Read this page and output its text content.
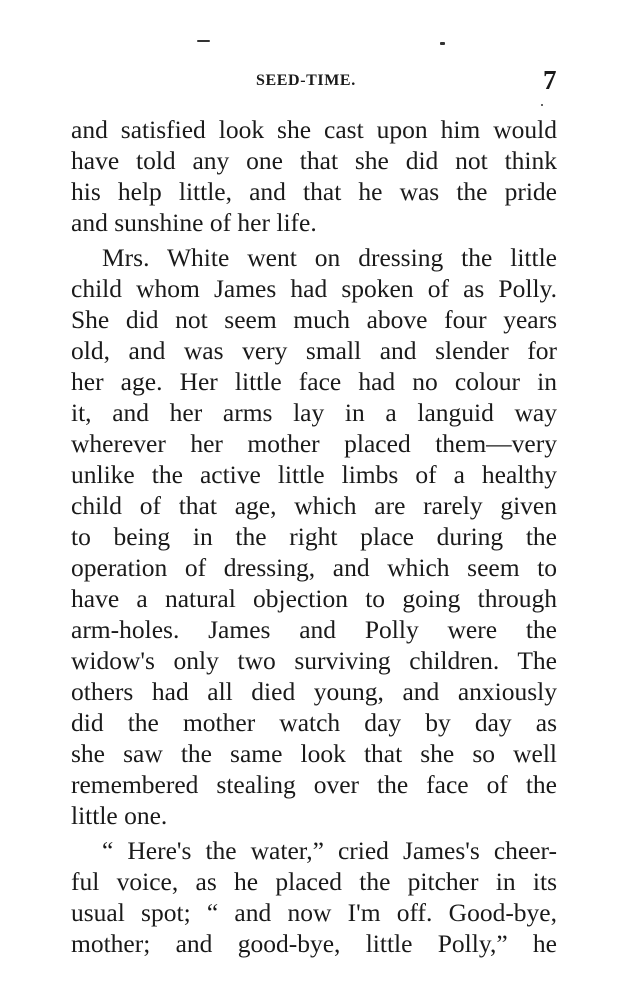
SEED-TIME.	7
and satisfied look she cast upon him would
have told any one that she did not think
his help little, and that he was the pride
and sunshine of her life.
Mrs. White went on dressing the little
child whom James had spoken of as Polly.
She did not seem much above four years
old, and was very small and slender for
her age. Her little face had no colour in
it, and her arms lay in a languid way
wherever her mother placed them—very
unlike the active little limbs of a healthy
child of that age, which are rarely given
to being in the right place during the
operation of dressing, and which seem to
have a natural objection to going through
arm-holes. James and Polly were the
widow's only two surviving children. The
others had all died young, and anxiously
did the mother watch day by day as
she saw the same look that she so well
remembered stealing over the face of the
little one.
“ Here's the water,” cried James's cheer-
ful voice, as he placed the pitcher in its
usual spot; “ and now I'm off. Good-bye,
mother; and good-bye, little Polly,” he
